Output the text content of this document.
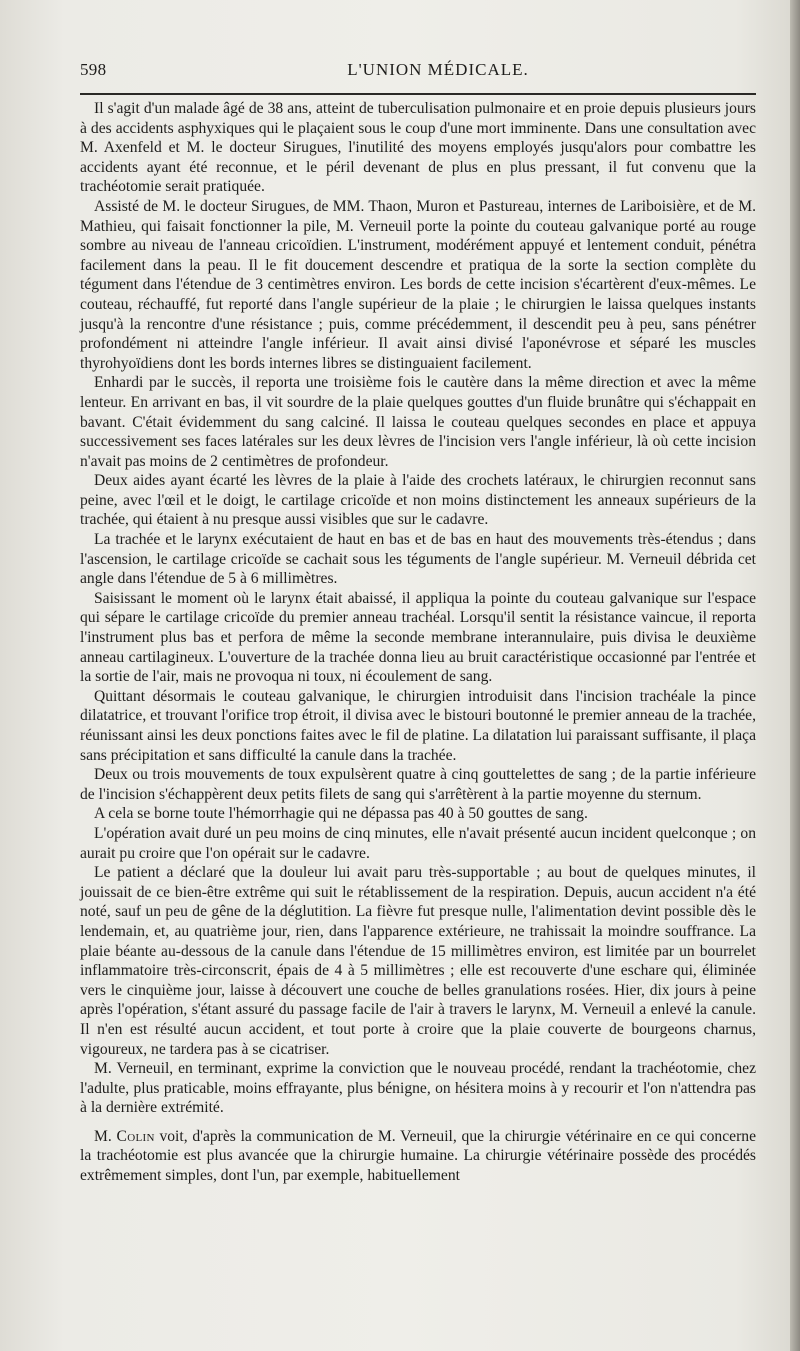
598	L'UNION MÉDICALE.

Il s'agit d'un malade âgé de 38 ans, atteint de tuberculisation pulmonaire et en proie depuis plusieurs jours à des accidents asphyxiques qui le plaçaient sous le coup d'une mort imminente. Dans une consultation avec M. Axenfeld et M. le docteur Sirugues, l'inutilité des moyens employés jusqu'alors pour combattre les accidents ayant été reconnue, et le péril devenant de plus en plus pressant, il fut convenu que la trachéotomie serait pratiquée.

Assisté de M. le docteur Sirugues, de MM. Thaon, Muron et Pastureau, internes de Lariboisière, et de M. Mathieu, qui faisait fonctionner la pile, M. Verneuil porte la pointe du couteau galvanique porté au rouge sombre au niveau de l'anneau cricoïdien. L'instrument, modérément appuyé et lentement conduit, pénétra facilement dans la peau. Il le fit doucement descendre et pratiqua de la sorte la section complète du tégument dans l'étendue de 3 centimètres environ. Les bords de cette incision s'écartèrent d'eux-mêmes. Le couteau, réchauffé, fut reporté dans l'angle supérieur de la plaie ; le chirurgien le laissa quelques instants jusqu'à la rencontre d'une résistance ; puis, comme précédemment, il descendit peu à peu, sans pénétrer profondément ni atteindre l'angle inférieur. Il avait ainsi divisé l'aponévrose et séparé les muscles thyrohyoïdiens dont les bords internes libres se distinguaient facilement.

Enhardi par le succès, il reporta une troisième fois le cautère dans la même direction et avec la même lenteur. En arrivant en bas, il vit sourdre de la plaie quelques gouttes d'un fluide brunâtre qui s'échappait en bavant. C'était évidemment du sang calciné. Il laissa le couteau quelques secondes en place et appuya successivement ses faces latérales sur les deux lèvres de l'incision vers l'angle inférieur, là où cette incision n'avait pas moins de 2 centimètres de profondeur.

Deux aides ayant écarté les lèvres de la plaie à l'aide des crochets latéraux, le chirurgien reconnut sans peine, avec l'œil et le doigt, le cartilage cricoïde et non moins distinctement les anneaux supérieurs de la trachée, qui étaient à nu presque aussi visibles que sur le cadavre.

La trachée et le larynx exécutaient de haut en bas et de bas en haut des mouvements très-étendus ; dans l'ascension, le cartilage cricoïde se cachait sous les téguments de l'angle supérieur. M. Verneuil débrida cet angle dans l'étendue de 5 à 6 millimètres.

Saisissant le moment où le larynx était abaissé, il appliqua la pointe du couteau galvanique sur l'espace qui sépare le cartilage cricoïde du premier anneau trachéal. Lorsqu'il sentit la résistance vaincue, il reporta l'instrument plus bas et perfora de même la seconde membrane interannulaire, puis divisa le deuxième anneau cartilagineux. L'ouverture de la trachée donna lieu au bruit caractéristique occasionné par l'entrée et la sortie de l'air, mais ne provoqua ni toux, ni écoulement de sang.

Quittant désormais le couteau galvanique, le chirurgien introduisit dans l'incision trachéale la pince dilatatrice, et trouvant l'orifice trop étroit, il divisa avec le bistouri boutonné le premier anneau de la trachée, réunissant ainsi les deux ponctions faites avec le fil de platine. La dilatation lui paraissant suffisante, il plaça sans précipitation et sans difficulté la canule dans la trachée.

Deux ou trois mouvements de toux expulsèrent quatre à cinq gouttelettes de sang ; de la partie inférieure de l'incision s'échappèrent deux petits filets de sang qui s'arrêtèrent à la partie moyenne du sternum.

A cela se borne toute l'hémorrhagie qui ne dépassa pas 40 à 50 gouttes de sang.

L'opération avait duré un peu moins de cinq minutes, elle n'avait présenté aucun incident quelconque ; on aurait pu croire que l'on opérait sur le cadavre.

Le patient a déclaré que la douleur lui avait paru très-supportable ; au bout de quelques minutes, il jouissait de ce bien-être extrême qui suit le rétablissement de la respiration. Depuis, aucun accident n'a été noté, sauf un peu de gêne de la déglutition. La fièvre fut presque nulle, l'alimentation devint possible dès le lendemain, et, au quatrième jour, rien, dans l'apparence extérieure, ne trahissait la moindre souffrance. La plaie béante au-dessous de la canule dans l'étendue de 15 millimètres environ, est limitée par un bourrelet inflammatoire très-circonscrit, épais de 4 à 5 millimètres ; elle est recouverte d'une eschare qui, éliminée vers le cinquième jour, laisse à découvert une couche de belles granulations rosées. Hier, dix jours à peine après l'opération, s'étant assuré du passage facile de l'air à travers le larynx, M. Verneuil a enlevé la canule. Il n'en est résulté aucun accident, et tout porte à croire que la plaie couverte de bourgeons charnus, vigoureux, ne tardera pas à se cicatriser.

M. Verneuil, en terminant, exprime la conviction que le nouveau procédé, rendant la trachéotomie, chez l'adulte, plus praticable, moins effrayante, plus bénigne, on hésitera moins à y recourir et l'on n'attendra pas à la dernière extrémité.

M. Colin voit, d'après la communication de M. Verneuil, que la chirurgie vétérinaire en ce qui concerne la trachéotomie est plus avancée que la chirurgie humaine. La chirurgie vétérinaire possède des procédés extrêmement simples, dont l'un, par exemple, habituellement
